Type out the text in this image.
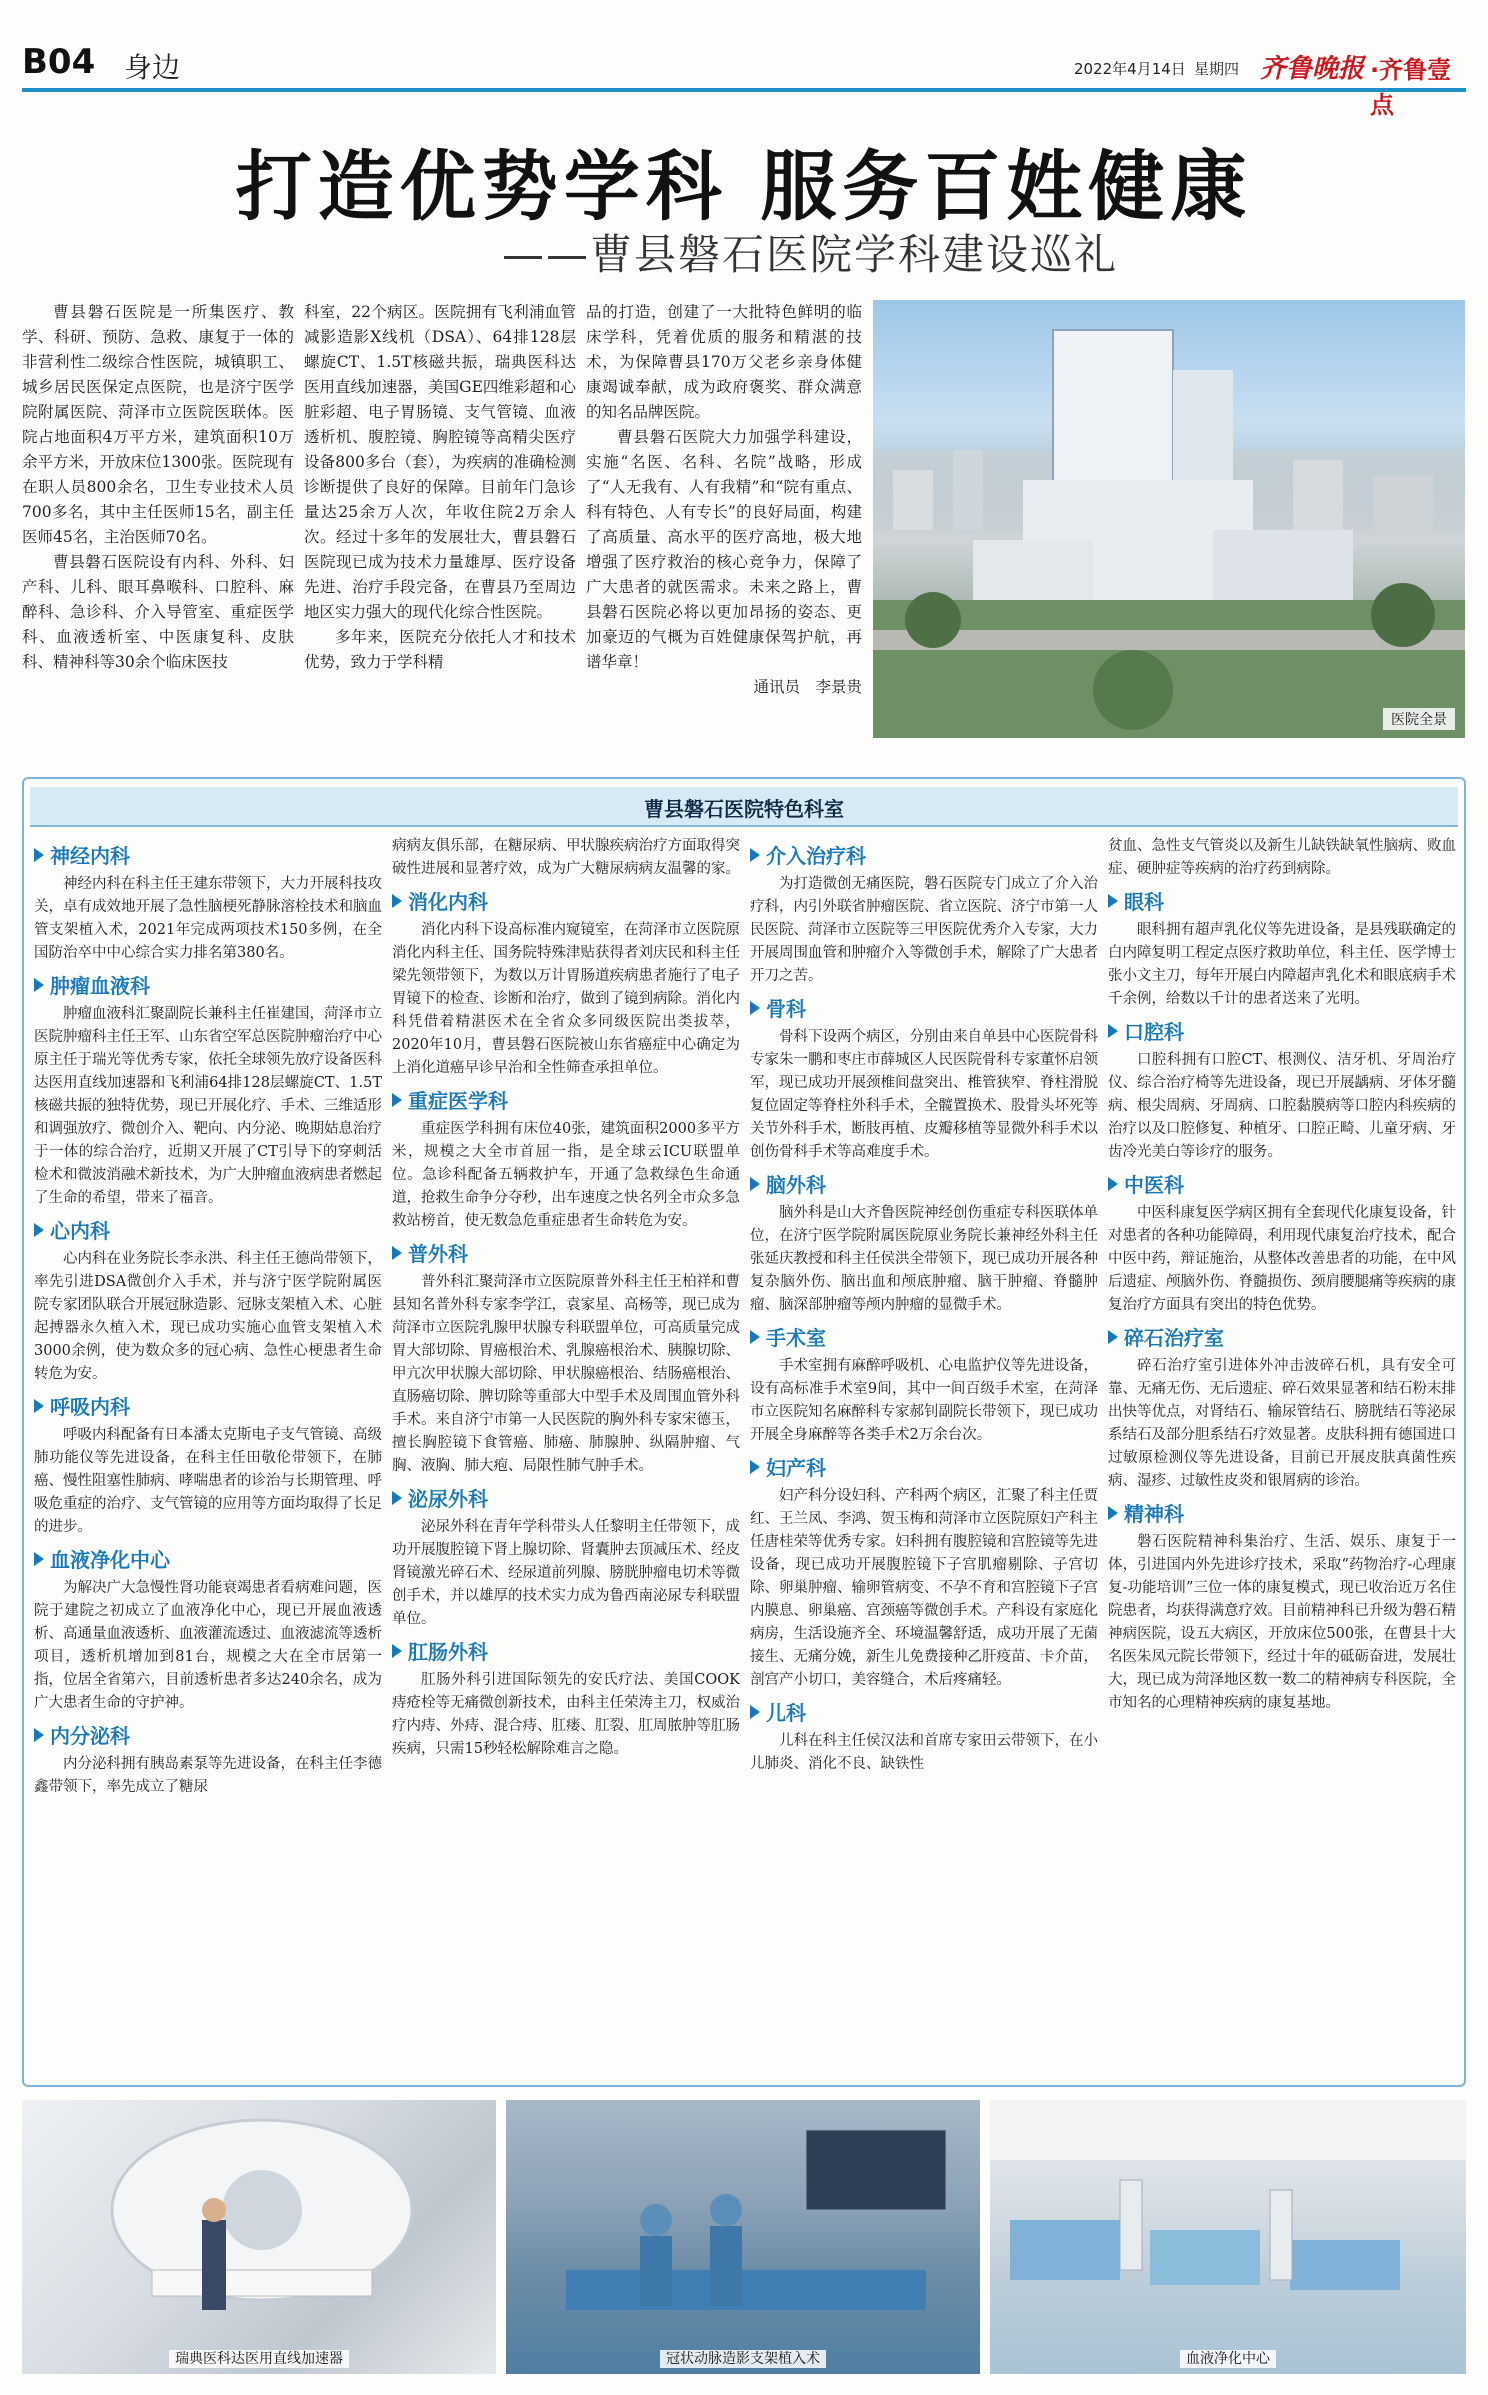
B04 身边	2022年4月14日 星期四 齐鲁晚报 ·齐鲁壹点
打造优势学科 服务百姓健康
——曹县磐石医院学科建设巡礼

曹县磐石医院是一所集医疗、教学、科研、预防、急救、康复于一体的非营利性二级综合性医院，城镇职工、城乡居民医保定点医院，也是济宁医学院附属医院、菏泽市立医院医联体。医院占地面积4万平方米，建筑面积10万余平方米，开放床位1300张。医院现有在职人员800余名，卫生专业技术人员700多名，其中主任医师15名，副主任医师45名，主治医师70名。

曹县磐石医院设有内科、外科、妇产科、儿科、眼耳鼻喉科、口腔科、麻醉科、急诊科、介入导管室、重症医学科、血液透析室、中医康复科、皮肤科、精神科等30余个临床医技

科室，22个病区。医院拥有飞利浦血管减影造影X线机（DSA）、64排128层螺旋CT、1.5T核磁共振，瑞典医科达医用直线加速器，美国GE四维彩超和心脏彩超、电子胃肠镜、支气管镜、血液透析机、腹腔镜、胸腔镜等高精尖医疗设备800多台（套），为疾病的准确检测诊断提供了良好的保障。目前年门急诊量达25余万人次，年收住院2万余人次。经过十多年的发展壮大，曹县磐石医院现已成为技术力量雄厚、医疗设备先进、治疗手段完备，在曹县乃至周边地区实力强大的现代化综合性医院。

多年来，医院充分依托人才和技术优势，致力于学科精

品的打造，创建了一大批特色鲜明的临床学科，凭着优质的服务和精湛的技术，为保障曹县170万父老乡亲身体健康竭诚奉献，成为政府褒奖、群众满意的知名品牌医院。

曹县磐石医院大力加强学科建设，实施“名医、名科、名院”战略，形成了“人无我有、人有我精”和“院有重点、科有特色、人有专长”的良好局面，构建了高质量、高水平的医疗高地，极大地增强了医疗救治的核心竞争力，保障了广大患者的就医需求。未来之路上，曹县磐石医院必将以更加昂扬的姿态、更加豪迈的气概为百姓健康保驾护航，再谱华章！

通讯员　李景贵

医院全景
曹县磐石医院特色科室
神经内科

神经内科在科主任王建东带领下，大力开展科技攻关，卓有成效地开展了急性脑梗死静脉溶栓技术和脑血管支架植入术，2021年完成两项技术150多例，在全国防治卒中中心综合实力排名第380名。

肿瘤血液科

肿瘤血液科汇聚副院长兼科主任崔建国，菏泽市立医院肿瘤科主任王军、山东省空军总医院肿瘤治疗中心原主任于瑞光等优秀专家，依托全球领先放疗设备医科达医用直线加速器和飞利浦64排128层螺旋CT、1.5T核磁共振的独特优势，现已开展化疗、手术、三维适形和调强放疗、微创介入、靶向、内分泌、晚期姑息治疗于一体的综合治疗，近期又开展了CT引导下的穿刺活检术和微波消融术新技术，为广大肿瘤血液病患者燃起了生命的希望，带来了福音。

心内科

心内科在业务院长李永洪、科主任王德尚带领下，率先引进DSA微创介入手术，并与济宁医学院附属医院专家团队联合开展冠脉造影、冠脉支架植入术、心脏起搏器永久植入术，现已成功实施心血管支架植入术3000余例，使为数众多的冠心病、急性心梗患者生命转危为安。

呼吸内科

呼吸内科配备有日本潘太克斯电子支气管镜、高级肺功能仪等先进设备，在科主任田敬伦带领下，在肺癌、慢性阻塞性肺病、哮喘患者的诊治与长期管理、呼吸危重症的治疗、支气管镜的应用等方面均取得了长足的进步。

血液净化中心

为解决广大急慢性肾功能衰竭患者看病难问题，医院于建院之初成立了血液净化中心，现已开展血液透析、高通量血液透析、血液灌流透过、血液滤流等透析项目，透析机增加到81台，规模之大在全市居第一指，位居全省第六，目前透析患者多达240余名，成为广大患者生命的守护神。

内分泌科

内分泌科拥有胰岛素泵等先进设备，在科主任李德鑫带领下，率先成立了糖尿

病病友俱乐部，在糖尿病、甲状腺疾病治疗方面取得突破性进展和显著疗效，成为广大糖尿病病友温馨的家。

消化内科

消化内科下设高标准内窥镜室，在菏泽市立医院原消化内科主任、国务院特殊津贴获得者刘庆民和科主任梁先领带领下，为数以万计胃肠道疾病患者施行了电子胃镜下的检查、诊断和治疗，做到了镜到病除。消化内科凭借着精湛医术在全省众多同级医院出类拔萃，2020年10月，曹县磐石医院被山东省癌症中心确定为上消化道癌早诊早治和全性筛查承担单位。

重症医学科

重症医学科拥有床位40张，建筑面积2000多平方米，规模之大全市首屈一指，是全球云ICU联盟单位。急诊科配备五辆救护车，开通了急救绿色生命通道，抢救生命争分夺秒，出车速度之快名列全市众多急救站榜首，使无数急危重症患者生命转危为安。

普外科

普外科汇聚菏泽市立医院原普外科主任王柏祥和曹县知名普外科专家李学江，袁家星、高杨等，现已成为菏泽市立医院乳腺甲状腺专科联盟单位，可高质量完成胃大部切除、胃癌根治术、乳腺癌根治术、胰腺切除、甲亢次甲状腺大部切除、甲状腺癌根治、结肠癌根治、直肠癌切除、脾切除等重部大中型手术及周围血管外科手术。来自济宁市第一人民医院的胸外科专家宋德玉，擅长胸腔镜下食管癌、肺癌、肺腺肿、纵隔肿瘤、气胸、液胸、肺大疱、局限性肺气肿手术。

泌尿外科

泌尿外科在青年学科带头人任黎明主任带领下，成功开展腹腔镜下肾上腺切除、肾囊肿去顶减压术、经皮肾镜激光碎石术、经尿道前列腺、膀胱肿瘤电切术等微创手术，并以雄厚的技术实力成为鲁西南泌尿专科联盟单位。

肛肠外科

肛肠外科引进国际领先的安氏疗法、美国COOK痔疮栓等无痛微创新技术，由科主任荣涛主刀，权威治疗内痔、外痔、混合痔、肛瘘、肛裂、肛周脓肿等肛肠疾病，只需15秒轻松解除难言之隐。

介入治疗科

为打造微创无痛医院，磐石医院专门成立了介入治疗科，内引外联省肿瘤医院、省立医院、济宁市第一人民医院、菏泽市立医院等三甲医院优秀介入专家，大力开展周围血管和肿瘤介入等微创手术，解除了广大患者开刀之苦。

骨科

骨科下设两个病区，分别由来自单县中心医院骨科专家朱一鹏和枣庄市薛城区人民医院骨科专家董怀启领军，现已成功开展颈椎间盘突出、椎管狭窄、脊柱滑脱复位固定等脊柱外科手术，全髋置换术、股骨头坏死等关节外科手术，断肢再植、皮瓣移植等显微外科手术以创伤骨科手术等高难度手术。

脑外科

脑外科是山大齐鲁医院神经创伤重症专科医联体单位，在济宁医学院附属医院原业务院长兼神经外科主任张延庆教授和科主任侯洪全带领下，现已成功开展各种复杂脑外伤、脑出血和颅底肿瘤、脑干肿瘤、脊髓肿瘤、脑深部肿瘤等颅内肿瘤的显微手术。

手术室

手术室拥有麻醉呼吸机、心电监护仪等先进设备，设有高标准手术室9间，其中一间百级手术室，在菏泽市立医院知名麻醉科专家郝钊副院长带领下，现已成功开展全身麻醉等各类手术2万余台次。

妇产科

妇产科分设妇科、产科两个病区，汇聚了科主任贾红、王兰凤、李鸿、贺玉梅和菏泽市立医院原妇产科主任唐桂荣等优秀专家。妇科拥有腹腔镜和宫腔镜等先进设备，现已成功开展腹腔镜下子宫肌瘤剔除、子宫切除、卵巢肿瘤、输卵管病变、不孕不育和宫腔镜下子宫内膜息、卵巢癌、宫颈癌等微创手术。产科设有家庭化病房，生活设施齐全、环境温馨舒适，成功开展了无菌接生、无痛分娩，新生儿免费接种乙肝疫苗、卡介苗，剖宫产小切口，美容缝合，术后疼痛轻。

儿科

儿科在科主任侯汉法和首席专家田云带领下，在小儿肺炎、消化不良、缺铁性

贫血、急性支气管炎以及新生儿缺铁缺氧性脑病、败血症、硬肿症等疾病的治疗药到病除。

眼科

眼科拥有超声乳化仪等先进设备，是县残联确定的白内障复明工程定点医疗救助单位，科主任、医学博士张小文主刀，每年开展白内障超声乳化术和眼底病手术千余例，给数以千计的患者送来了光明。

口腔科

口腔科拥有口腔CT、根测仪、洁牙机、牙周治疗仪、综合治疗椅等先进设备，现已开展龋病、牙体牙髓病、根尖周病、牙周病、口腔黏膜病等口腔内科疾病的治疗以及口腔修复、种植牙、口腔正畸、儿童牙病、牙齿冷光美白等诊疗的服务。

中医科

中医科康复医学病区拥有全套现代化康复设备，针对患者的各种功能障碍，利用现代康复治疗技术，配合中医中药，辩证施治，从整体改善患者的功能，在中风后遗症、颅脑外伤、脊髓损伤、颈肩腰腿痛等疾病的康复治疗方面具有突出的特色优势。

碎石治疗室

碎石治疗室引进体外冲击波碎石机，具有安全可靠、无痛无伤、无后遗症、碎石效果显著和结石粉末排出快等优点，对肾结石、输尿管结石、膀胱结石等泌尿系结石及部分胆系结石疗效显著。皮肤科拥有德国进口过敏原检测仪等先进设备，目前已开展皮肤真菌性疾病、湿疹、过敏性皮炎和银屑病的诊治。

精神科

磐石医院精神科集治疗、生活、娱乐、康复于一体，引进国内外先进诊疗技术，采取“药物治疗-心理康复-功能培训”三位一体的康复模式，现已收治近万名住院患者，均获得满意疗效。目前精神科已升级为磐石精神病医院，设五大病区，开放床位500张，在曹县十大名医朱凤元院长带领下，经过十年的砥砺奋进，发展壮大，现已成为菏泽地区数一数二的精神病专科医院，全市知名的心理精神疾病的康复基地。

瑞典医科达医用直线加速器	冠状动脉造影支架植入术	血液净化中心
